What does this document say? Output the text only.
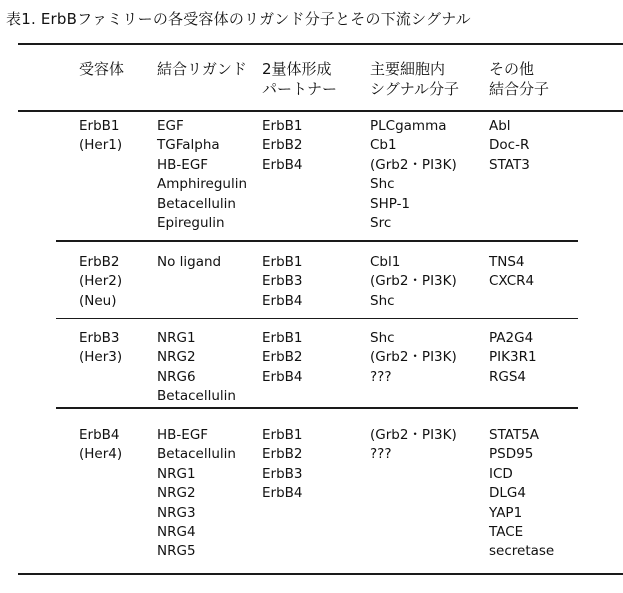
表1. ErbBファミリーの各受容体のリガンド分子とその下流シグナル
受容体 結合リガンド 2量体形成
パートナー
主要細胞内
シグナル分子
その他
結合分子
ErbB1
(Her1)
EGF
TGFalpha
HB-EGF
Amphiregulin
Betacellulin
Epiregulin
ErbB1
ErbB2
ErbB4
PLCgamma
Cb1
(Grb2・PI3K)
Shc
SHP-1
Src
Abl
Doc-R
STAT3
ErbB2
(Her2)
(Neu)
No ligand	ErbB1
ErbB3
ErbB4
Cbl1
(Grb2・PI3K)
Shc
TNS4
CXCR4
ErbB3
(Her3)
NRG1
NRG2
NRG6
Betacellulin
ErbB1
ErbB2
ErbB4
Shc
(Grb2・PI3K)
???
PA2G4
PIK3R1
RGS4
ErbB4
(Her4)
HB-EGF
Betacellulin
NRG1
NRG2
NRG3
NRG4
NRG5
ErbB1
ErbB2
ErbB3
ErbB4
(Grb2・PI3K)
???
STAT5A
PSD95
ICD
DLG4
YAP1
TACE
secretase
